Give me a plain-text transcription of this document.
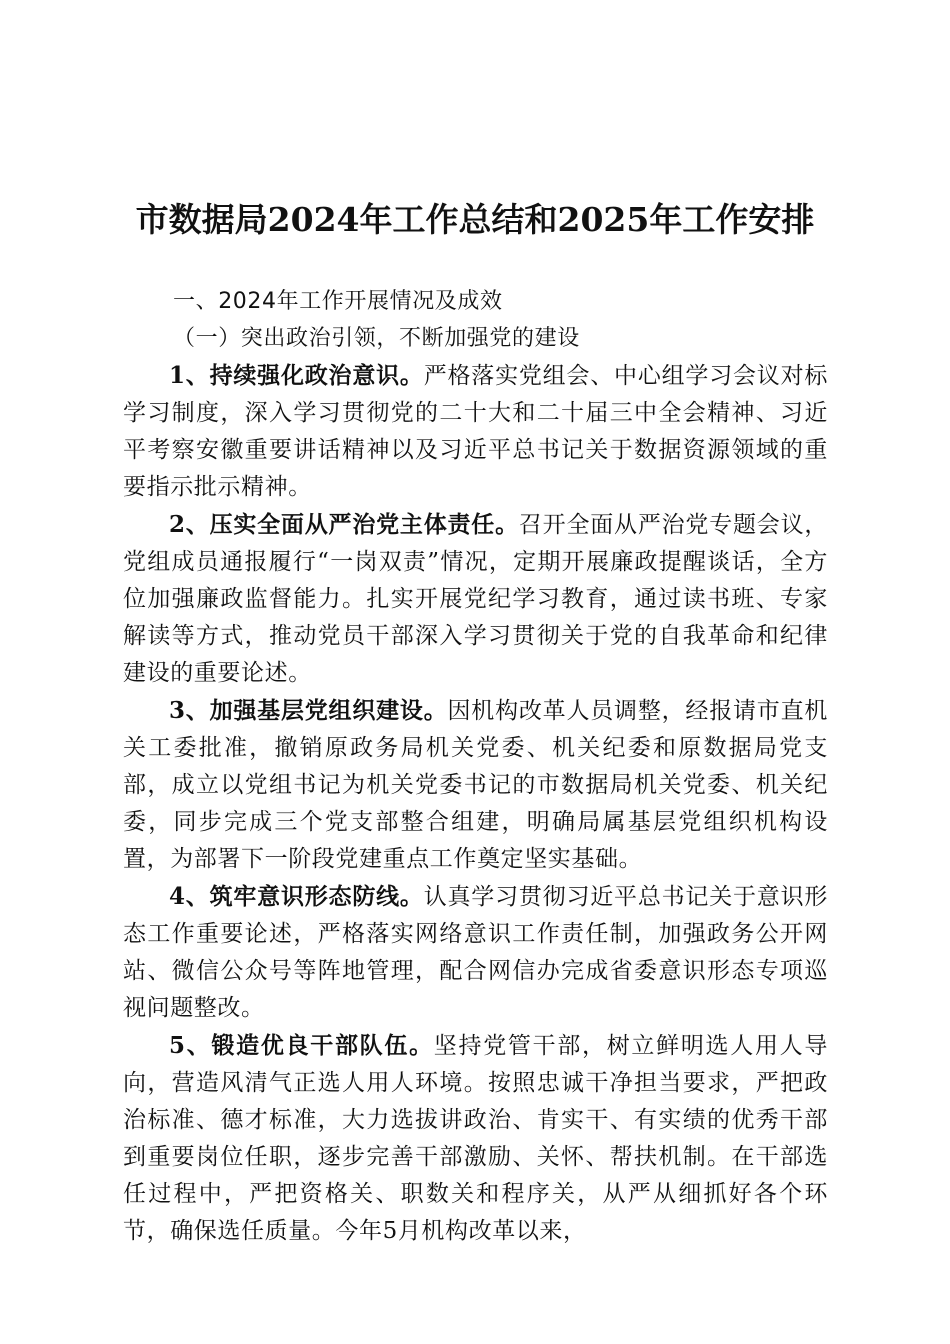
市数据局2024年工作总结和2025年工作安排

一、2024年工作开展情况及成效

（一）突出政治引领，不断加强党的建设

1、持续强化政治意识。严格落实党组会、中心组学习会议对标学习制度，深入学习贯彻党的二十大和二十届三中全会精神、习近平考察安徽重要讲话精神以及习近平总书记关于数据资源领域的重要指示批示精神。

2、压实全面从严治党主体责任。召开全面从严治党专题会议，党组成员通报履行“一岗双责”情况，定期开展廉政提醒谈话，全方位加强廉政监督能力。扎实开展党纪学习教育，通过读书班、专家解读等方式，推动党员干部深入学习贯彻关于党的自我革命和纪律建设的重要论述。

3、加强基层党组织建设。因机构改革人员调整，经报请市直机关工委批准，撤销原政务局机关党委、机关纪委和原数据局党支部，成立以党组书记为机关党委书记的市数据局机关党委、机关纪委，同步完成三个党支部整合组建，明确局属基层党组织机构设置，为部署下一阶段党建重点工作奠定坚实基础。

4、筑牢意识形态防线。认真学习贯彻习近平总书记关于意识形态工作重要论述，严格落实网络意识工作责任制，加强政务公开网站、微信公众号等阵地管理，配合网信办完成省委意识形态专项巡视问题整改。

5、锻造优良干部队伍。坚持党管干部，树立鲜明选人用人导向，营造风清气正选人用人环境。按照忠诚干净担当要求，严把政治标准、德才标准，大力选拔讲政治、肯实干、有实绩的优秀干部到重要岗位任职，逐步完善干部激励、关怀、帮扶机制。在干部选任过程中，严把资格关、职数关和程序关，从严从细抓好各个环节，确保选任质量。今年5月机构改革以来，
